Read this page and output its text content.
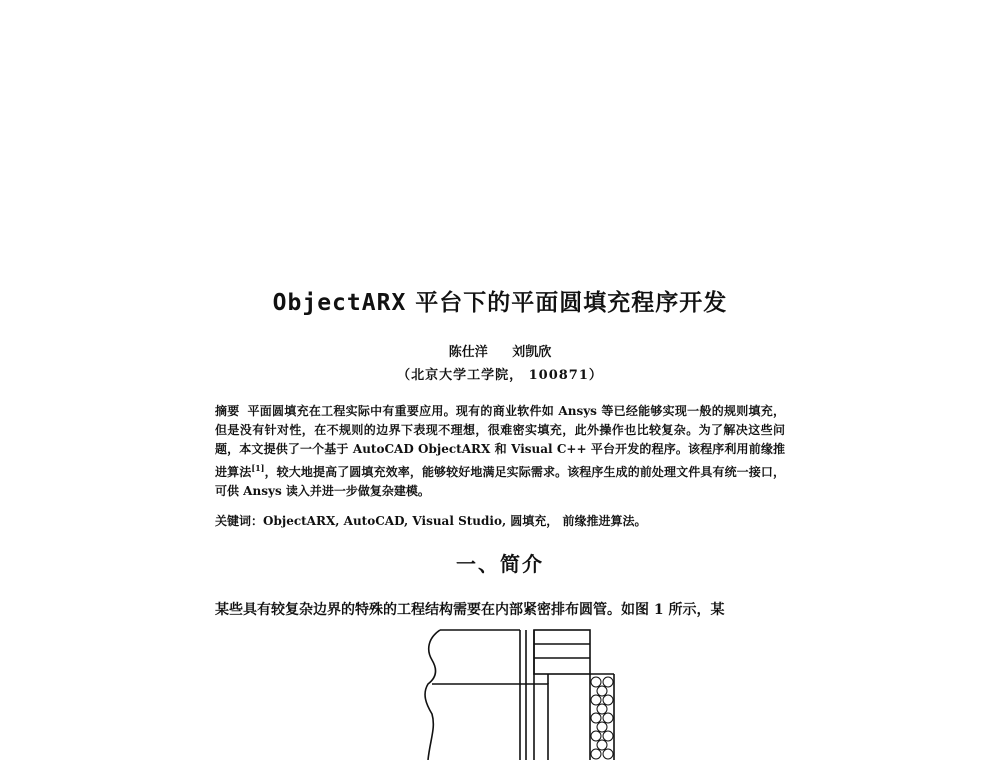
ObjectARX 平台下的平面圆填充程序开发
陈仕洋 刘凯欣
（北京大学工学院， 100871）
摘要 平面圆填充在工程实际中有重要应用。现有的商业软件如 Ansys 等已经能够实现一般的规则填充，但是没有针对性，在不规则的边界下表现不理想，很难密实填充，此外操作也比较复杂。为了解决这些问题，本文提供了一个基于 AutoCAD ObjectARX 和 Visual C++ 平台开发的程序。该程序利用前缘推进算法[1]，较大地提高了圆填充效率，能够较好地满足实际需求。该程序生成的前处理文件具有统一接口，可供 Ansys 读入并进一步做复杂建模。
关键词：ObjectARX, AutoCAD, Visual Studio, 圆填充， 前缘推进算法。
一、简介
某些具有较复杂边界的特殊的工程结构需要在内部紧密排布圆管。如图 1 所示，某
